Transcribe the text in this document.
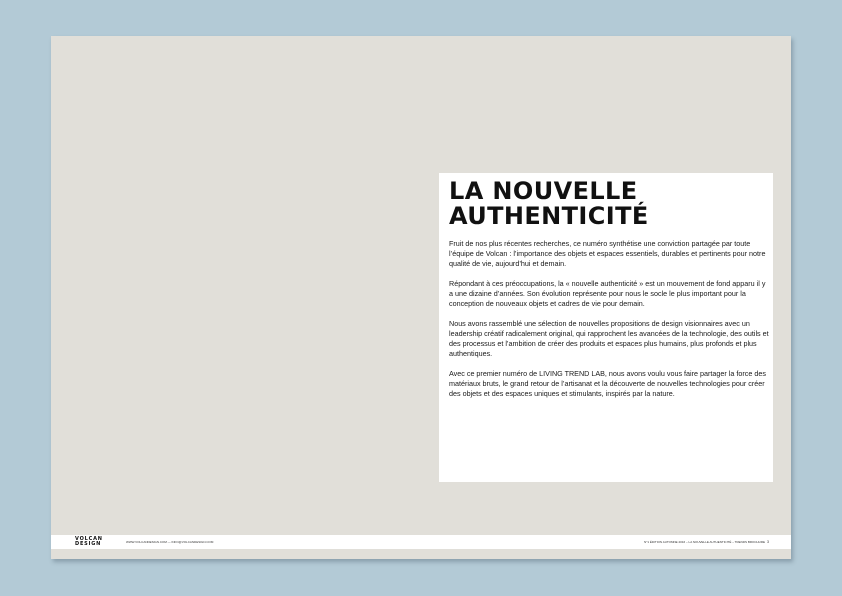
LA NOUVELLE
AUTHENTICITÉ

Fruit de nos plus récentes recherches, ce numéro synthétise une conviction partagée par toute l’équipe de Volcan : l’importance des objets et espaces essentiels, durables et pertinents pour notre qualité de vie, aujourd’hui et demain.

Répondant à ces préoccupations, la « nouvelle authenticité » est un mouvement de fond apparu il y a une dizaine d’années. Son évolution représente pour nous le socle le plus important pour la conception de nouveaux objets et cadres de vie pour demain.

Nous avons rassemblé une sélection de nouvelles propositions de design visionnaires avec un leadership créatif radicalement original, qui rapprochent les avancées de la technologie, des outils et des processus et l’ambition de créer des produits et espaces plus humains, plus profonds et plus authentiques.

Avec ce premier numéro de LIVING TREND LAB, nous avons voulu vous faire partager la force des matériaux bruts, le grand retour de l’artisanat et la découverte de nouvelles technologies pour créer des objets et des espaces uniques et stimulants, inspirés par la nature.

VOLCAN
DESIGN	WWW.VOLCANDESIGN.COM — INFO@VOLCANDESIGN.COM	N°1 ÉDITION AUTOMNE 2016 – LA NOUVELLE AUTHENTICITÉ – TRENDS BROCHURE 3
